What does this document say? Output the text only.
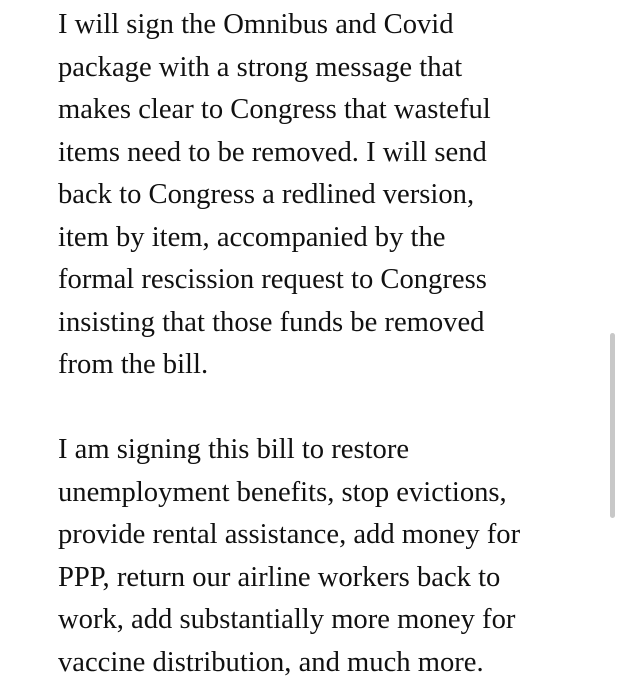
I will sign the Omnibus and Covid
package with a strong message that
makes clear to Congress that wasteful
items need to be removed. I will send
back to Congress a redlined version,
item by item, accompanied by the
formal rescission request to Congress
insisting that those funds be removed
from the bill.
I am signing this bill to restore
unemployment benefits, stop evictions,
provide rental assistance, add money for
PPP, return our airline workers back to
work, add substantially more money for
vaccine distribution, and much more.
